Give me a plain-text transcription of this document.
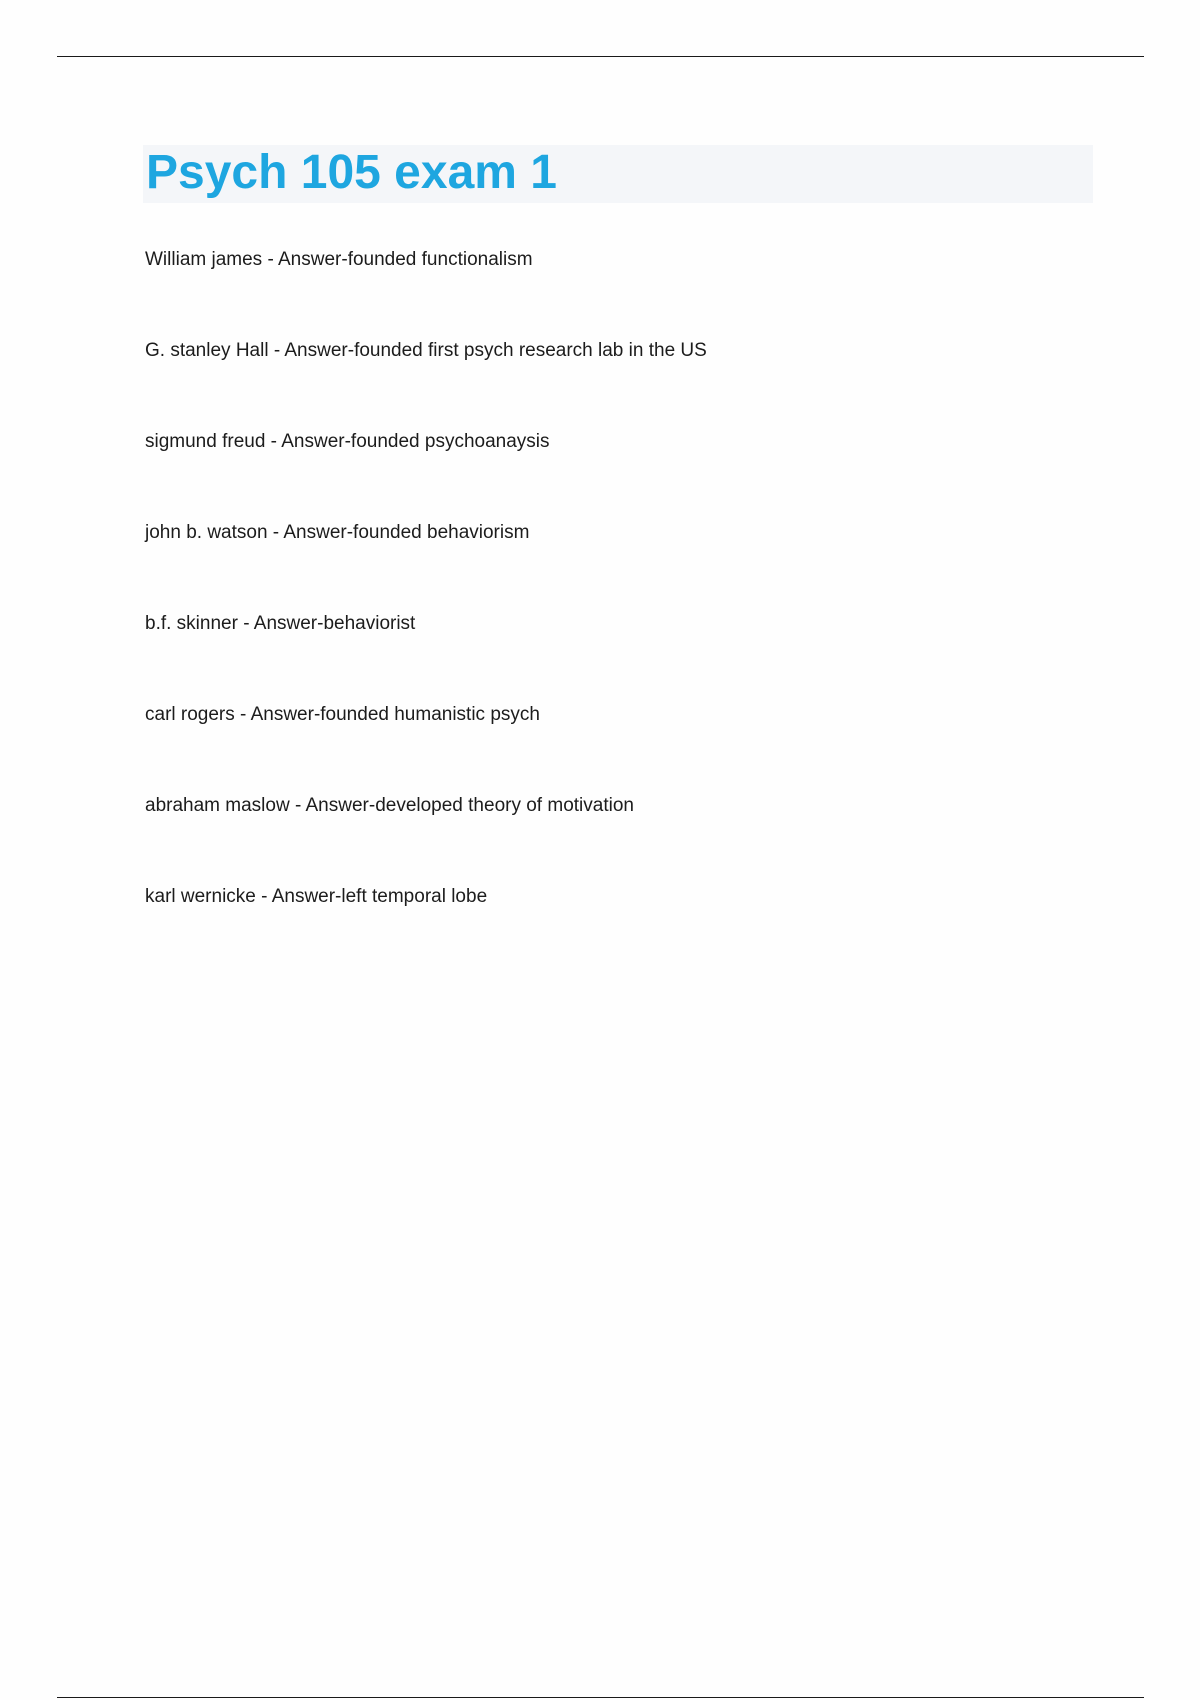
Psych 105 exam 1
William james - Answer-founded functionalism
G. stanley Hall - Answer-founded first psych research lab in the US
sigmund freud - Answer-founded psychoanaysis
john b. watson - Answer-founded behaviorism
b.f. skinner - Answer-behaviorist
carl rogers - Answer-founded humanistic psych
abraham maslow - Answer-developed theory of motivation
karl wernicke - Answer-left temporal lobe
